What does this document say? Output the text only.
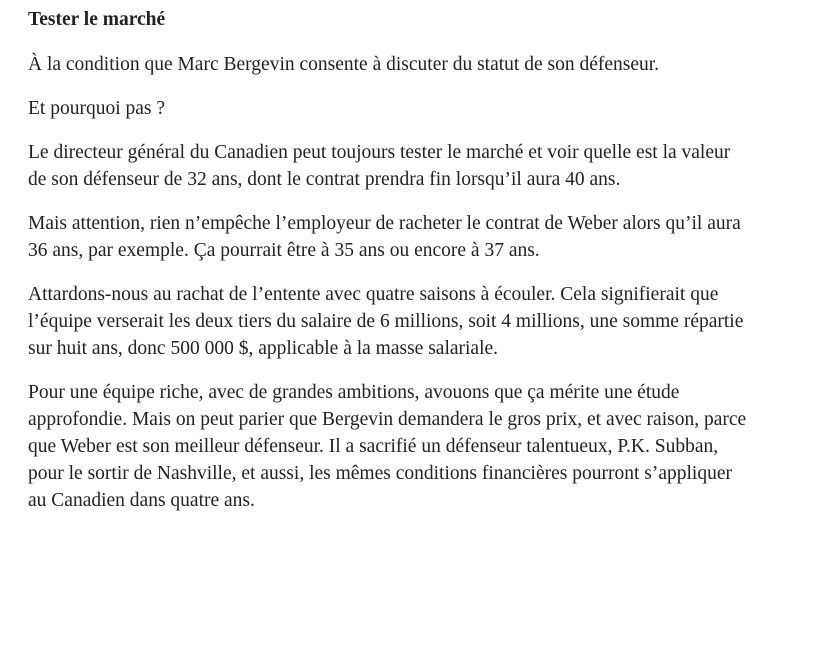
Tester le marché

À la condition que Marc Bergevin consente à discuter du statut de son défenseur.

Et pourquoi pas ?

Le directeur général du Canadien peut toujours tester le marché et voir quelle est la valeur de son défenseur de 32 ans, dont le contrat prendra fin lorsqu’il aura 40 ans.

Mais attention, rien n’empêche l’employeur de racheter le contrat de Weber alors qu’il aura 36 ans, par exemple. Ça pourrait être à 35 ans ou encore à 37 ans.

Attardons-nous au rachat de l’entente avec quatre saisons à écouler. Cela signifierait que l’équipe verserait les deux tiers du salaire de 6 millions, soit 4 millions, une somme répartie sur huit ans, donc 500 000 $, applicable à la masse salariale.

Pour une équipe riche, avec de grandes ambitions, avouons que ça mérite une étude approfondie. Mais on peut parier que Bergevin demandera le gros prix, et avec raison, parce que Weber est son meilleur défenseur. Il a sacrifié un défenseur talentueux, P.K. Subban, pour le sortir de Nashville, et aussi, les mêmes conditions financières pourront s’appliquer au Canadien dans quatre ans.
